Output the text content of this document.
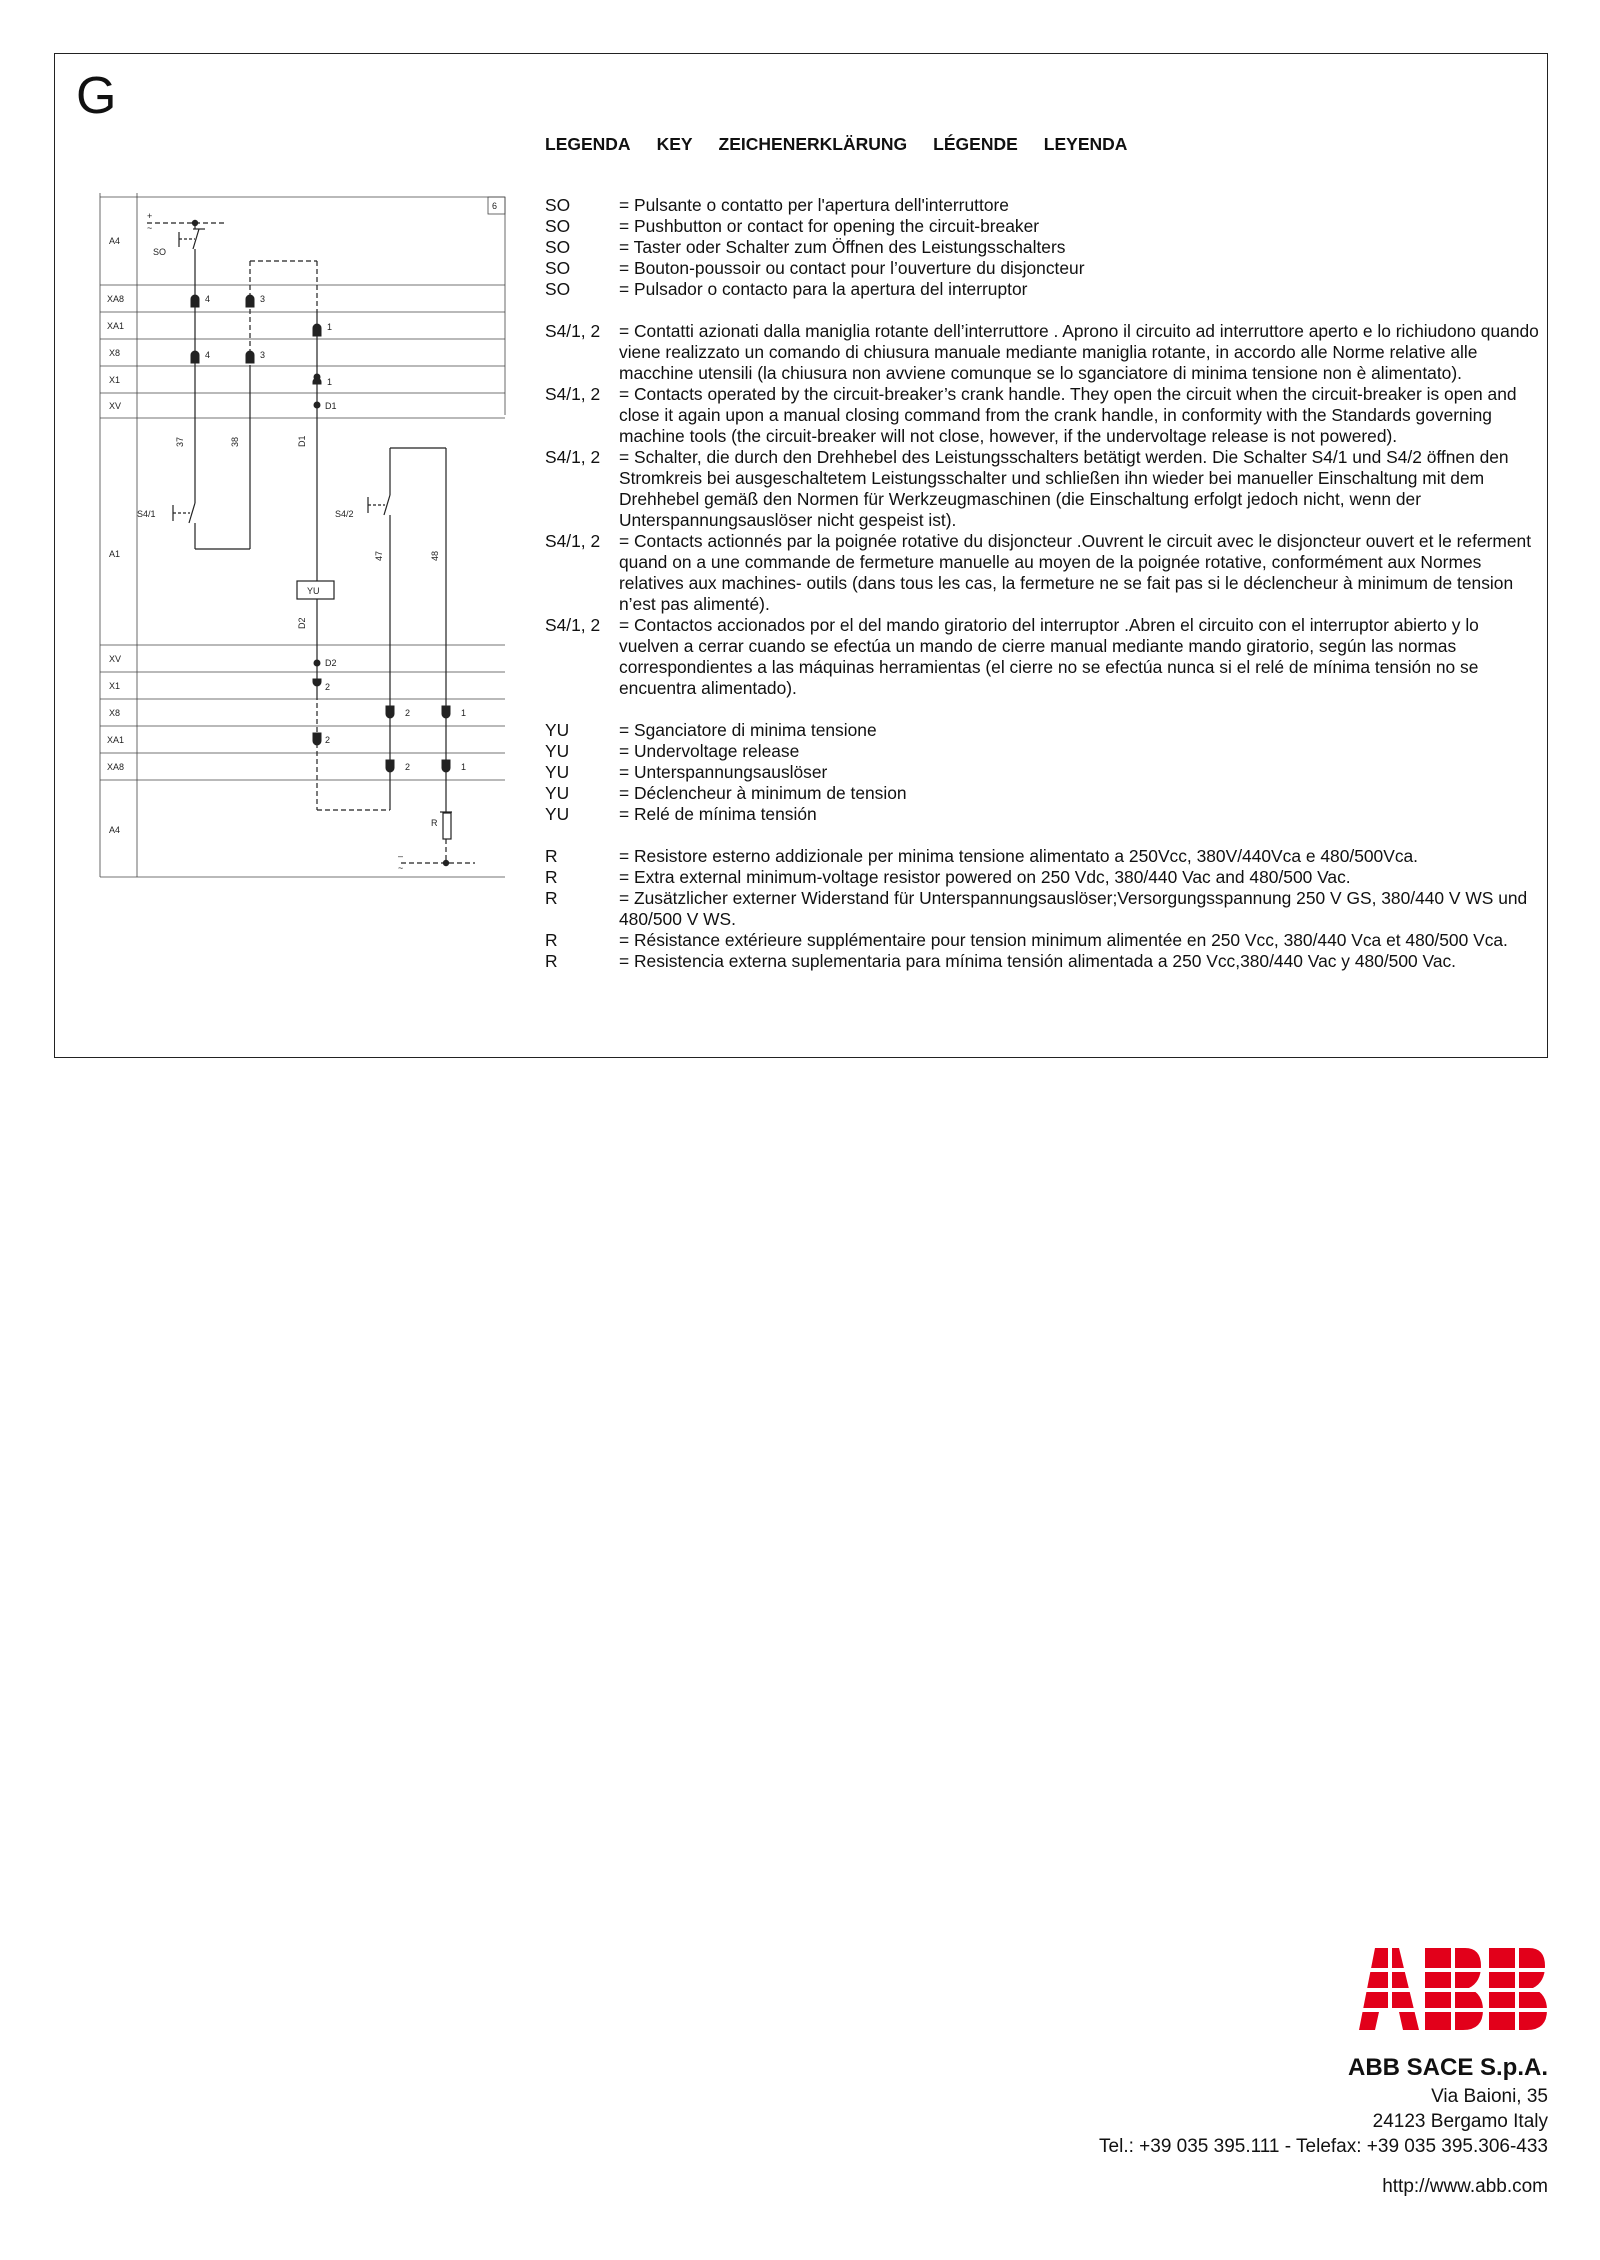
G
LEGENDA KEY ZEICHENERKLÄRUNG LÉGENDE LEYENDA
SO	= Pulsante o contatto per l'apertura dell'interruttore
SO	= Pushbutton or contact for opening the circuit-breaker
SO	= Taster oder Schalter zum Öffnen des Leistungsschalters
SO	= Bouton-poussoir ou contact pour l’ouverture du disjoncteur
SO	= Pulsador o contacto para la apertura del interruptor
S4/1, 2	= Contatti azionati dalla maniglia rotante dell’interruttore . Aprono il circuito ad interruttore aperto e lo richiudono quando viene realizzato un comando di chiusura manuale mediante maniglia rotante, in accordo alle Norme relative alle macchine utensili (la chiusura non avviene comunque se lo sganciatore di minima tensione non è alimentato).
S4/1, 2	= Contacts operated by the circuit-breaker’s crank handle. They open the circuit when the circuit-breaker is open and close it again upon a manual closing command from the crank handle, in conformity with the Standards governing machine tools (the circuit-breaker will not close, however, if the undervoltage release is not powered).
S4/1, 2	= Schalter, die durch den Drehhebel des Leistungsschalters betätigt werden. Die Schalter S4/1 und S4/2 öffnen den Stromkreis bei ausgeschaltetem Leistungsschalter und schließen ihn wieder bei manueller Einschaltung mit dem Drehhebel gemäß den Normen für Werkzeugmaschinen (die Einschaltung erfolgt jedoch nicht, wenn der Unterspannungsauslöser nicht gespeist ist).
S4/1, 2	= Contacts actionnés par la poignée rotative du disjoncteur .Ouvrent le circuit avec le disjoncteur ouvert et le referment quand on a une commande de fermeture manuelle au moyen de la poignée rotative, conformément aux Normes relatives aux machines- outils (dans tous les cas, la fermeture ne se fait pas si le déclencheur à minimum de tension n’est pas alimenté).
S4/1, 2	= Contactos accionados por el del mando giratorio del interruptor .Abren el circuito con el interruptor abierto y lo vuelven a cerrar cuando se efectúa un mando de cierre manual mediante mando giratorio, según las normas correspondientes a las máquinas herramientas (el cierre no se efectúa nunca si el relé de mínima tensión no se encuentra alimentado).
YU	= Sganciatore di minima tensione
YU	= Undervoltage release
YU	= Unterspannungsauslöser
YU	= Déclencheur à minimum de tension
YU	= Relé de mínima tensión
R	= Resistore esterno addizionale per minima tensione alimentato a 250Vcc, 380V/440Vca e 480/500Vca.
R	= Extra external minimum-voltage resistor powered on 250 Vdc, 380/440 Vac and 480/500 Vac.
R	= Zusätzlicher externer Widerstand für Unterspannungsauslöser;Versorgungsspannung 250 V GS, 380/440 V WS und 480/500 V WS.
R	= Résistance extérieure supplémentaire pour tension minimum alimentée en 250 Vcc, 380/440 Vca et 480/500 Vca.
R	= Resistencia externa suplementaria para mínima tensión alimentada a 250 Vcc,380/440 Vac y 480/500 Vac.
6
A4
XA8
XA1
X8
X1
XV
A1
XV
X1
X8
XA1
XA8
A4
+
~
SO
S4/1	S4/2
YU
R
–
~
37	38	D1
47	48
D2
4	3
1
4	3
1
D1
D2
2
2	1
2
2	1
ABB SACE S.p.A.
Via Baioni, 35
24123 Bergamo Italy
Tel.: +39 035 395.111 - Telefax: +39 035 395.306-433
http://www.abb.com
